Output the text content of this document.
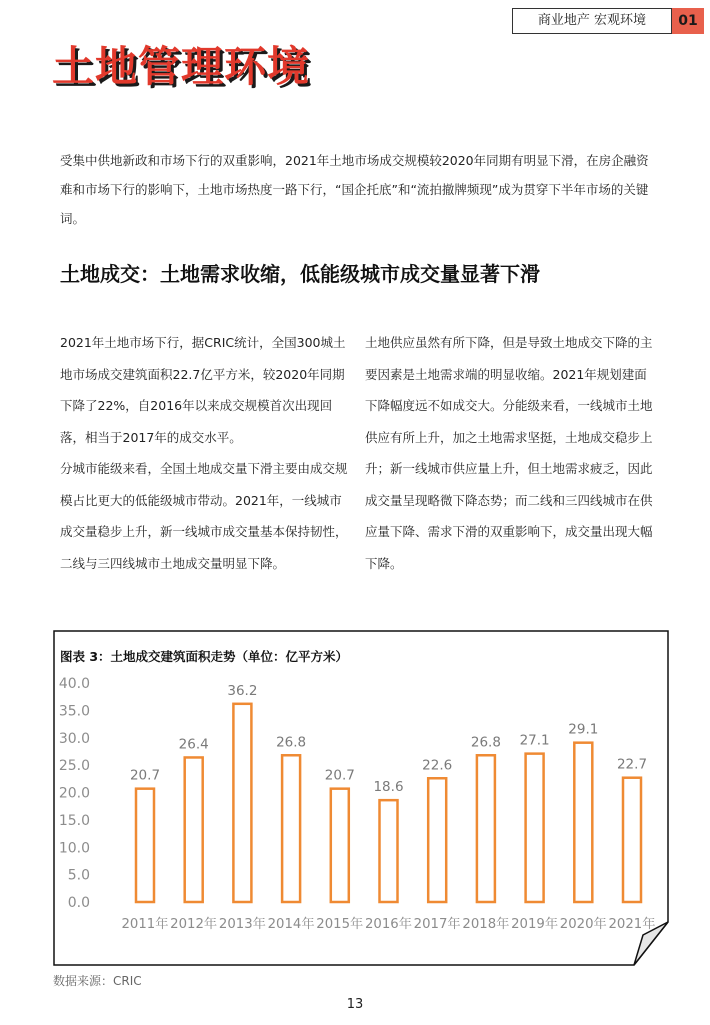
商业地产 宏观环境	01
土地管理环境

受集中供地新政和市场下行的双重影响，2021年土地市场成交规模较2020年同期有明显下滑，在房企融资难和市场下行的影响下，土地市场热度一路下行，“国企托底”和“流拍撤牌频现”成为贯穿下半年市场的关键词。

土地成交：土地需求收缩，低能级城市成交量显著下滑

2021年土地市场下行，据CRIC统计，全国300城土地市场成交建筑面积22.7亿平方米，较2020年同期下降了22%，自2016年以来成交规模首次出现回落，相当于2017年的成交水平。

分城市能级来看，全国土地成交量下滑主要由成交规模占比更大的低能级城市带动。2021年，一线城市成交量稳步上升，新一线城市成交量基本保持韧性，二线与三四线城市土地成交量明显下降。

土地供应虽然有所下降，但是导致土地成交下降的主要因素是土地需求端的明显收缩。2021年规划建面下降幅度远不如成交大。分能级来看，一线城市土地供应有所上升，加之土地需求坚挺，土地成交稳步上升；新一线城市供应量上升，但土地需求疲乏，因此成交量呈现略微下降态势；而二线和三四线城市在供应量下降、需求下滑的双重影响下，成交量出现大幅下降。

0.0
5.0
10.0
15.0
20.0
25.0
30.0
35.0
40.0
20.7
2011年
26.4
2012年
36.2
2013年
26.8
2014年
20.7
2015年
18.6
2016年
22.6
2017年
26.8
2018年
27.1
2019年
29.1
2020年
22.7
2021年
图表 3：土地成交建筑面积走势（单位：亿平方米）
数据来源：CRIC
13
